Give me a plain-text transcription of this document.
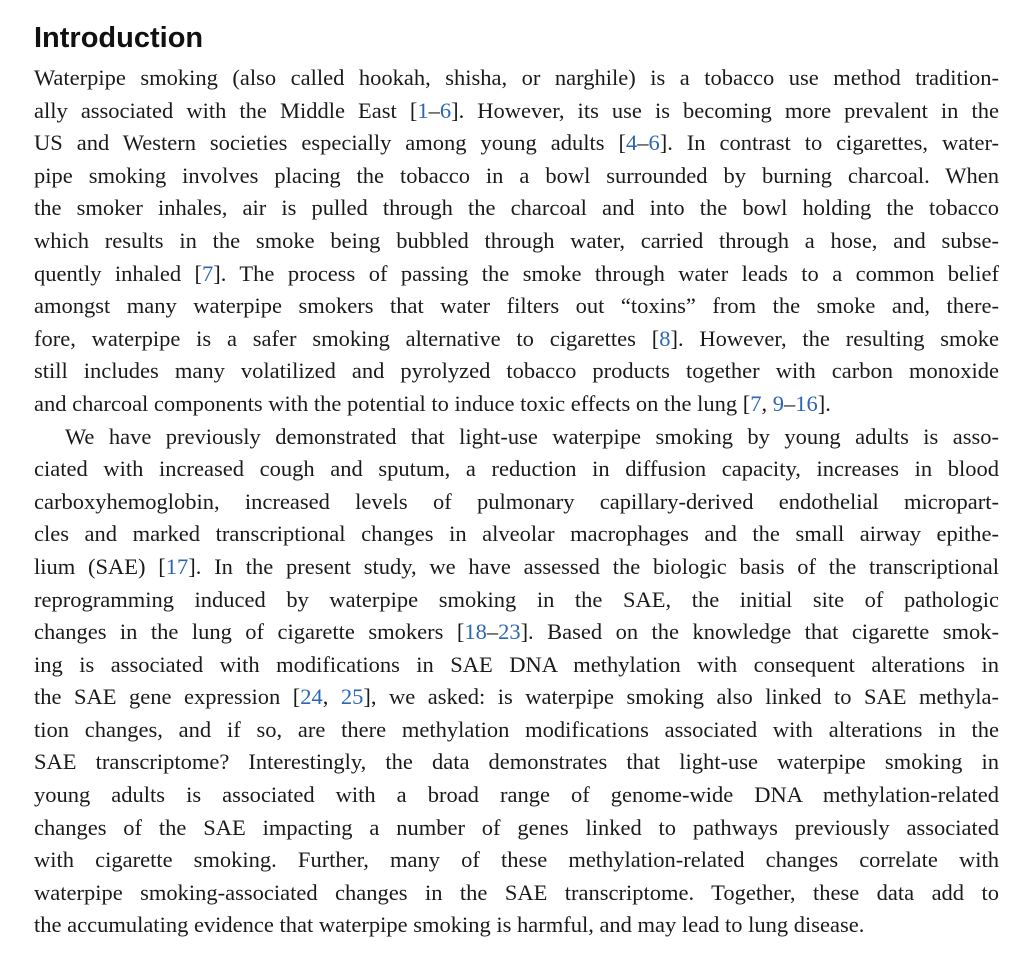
Introduction
Waterpipe smoking (also called hookah, shisha, or narghile) is a tobacco use method tradition-
ally associated with the Middle East [1–6]. However, its use is becoming more prevalent in the
US and Western societies especially among young adults [4–6]. In contrast to cigarettes, water-
pipe smoking involves placing the tobacco in a bowl surrounded by burning charcoal. When
the smoker inhales, air is pulled through the charcoal and into the bowl holding the tobacco
which results in the smoke being bubbled through water, carried through a hose, and subse-
quently inhaled [7]. The process of passing the smoke through water leads to a common belief
amongst many waterpipe smokers that water filters out “toxins” from the smoke and, there-
fore, waterpipe is a safer smoking alternative to cigarettes [8]. However, the resulting smoke
still includes many volatilized and pyrolyzed tobacco products together with carbon monoxide
and charcoal components with the potential to induce toxic effects on the lung [7, 9–16].
We have previously demonstrated that light-use waterpipe smoking by young adults is asso-
ciated with increased cough and sputum, a reduction in diffusion capacity, increases in blood
carboxyhemoglobin, increased levels of pulmonary capillary-derived endothelial micropart-
cles and marked transcriptional changes in alveolar macrophages and the small airway epithe-
lium (SAE) [17]. In the present study, we have assessed the biologic basis of the transcriptional
reprogramming induced by waterpipe smoking in the SAE, the initial site of pathologic
changes in the lung of cigarette smokers [18–23]. Based on the knowledge that cigarette smok-
ing is associated with modifications in SAE DNA methylation with consequent alterations in
the SAE gene expression [24, 25], we asked: is waterpipe smoking also linked to SAE methyla-
tion changes, and if so, are there methylation modifications associated with alterations in the
SAE transcriptome? Interestingly, the data demonstrates that light-use waterpipe smoking in
young adults is associated with a broad range of genome-wide DNA methylation-related
changes of the SAE impacting a number of genes linked to pathways previously associated
with cigarette smoking. Further, many of these methylation-related changes correlate with
waterpipe smoking-associated changes in the SAE transcriptome. Together, these data add to
the accumulating evidence that waterpipe smoking is harmful, and may lead to lung disease.
